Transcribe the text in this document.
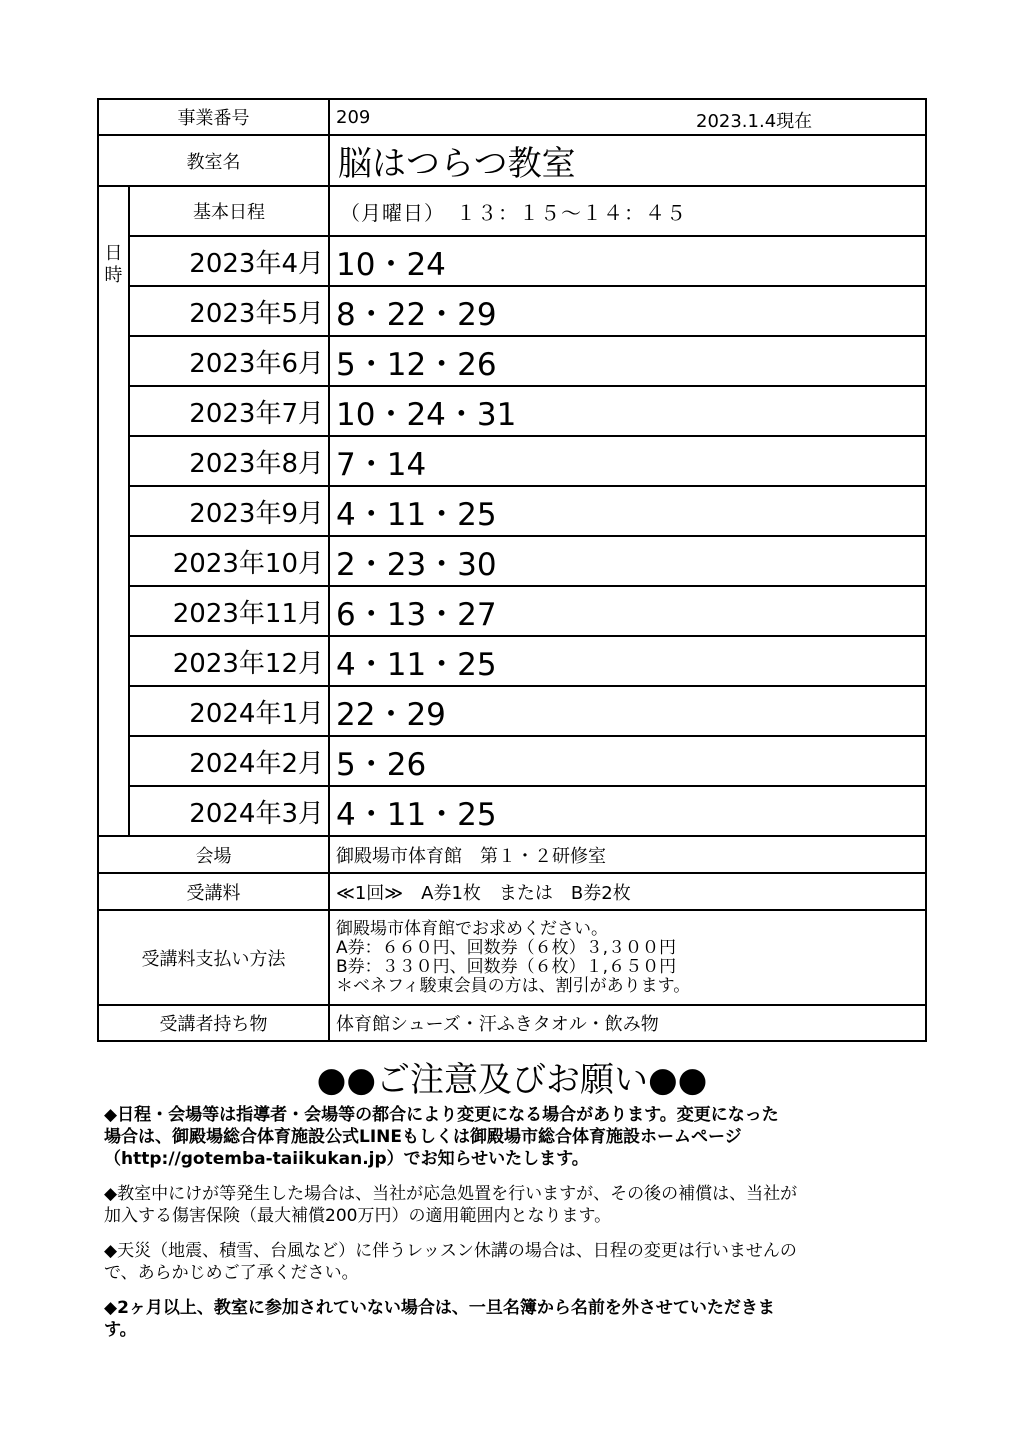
事業番号		209 2023.1.4現在

教室名		脳はつらつ教室

日
時	基本日程	（月曜日）　１３：１５〜１４：４５
	2023年4月	10・24
	2023年5月	8・22・29
	2023年6月	5・12・26
	2023年7月	10・24・31
	2023年8月	7・14
	2023年9月	4・11・25
	2023年10月	2・23・30
	2023年11月	6・13・27
	2023年12月	4・11・25
	2024年1月	22・29
	2024年2月	5・26
	2024年3月	4・11・25
会場		御殿場市体育館　第１・２研修室
受講料		≪1回≫　A券1枚　または　B券2枚
受講料支払い方法		御殿場市体育館でお求めください。
A券：６６０円、回数券（６枚）３,３００円
B券：３３０円、回数券（６枚）１,６５０円
＊ベネフィ駿東会員の方は、割引があります。

受講者持ち物		体育館シューズ・汗ふきタオル・飲み物
●●ご注意及びお願い●●
◆日程・会場等は指導者・会場等の都合により変更になる場合があります。変更になった
場合は、御殿場総合体育施設公式LINEもしくは御殿場市総合体育施設ホームページ
（http://gotemba-taiikukan.jp）でお知らせいたします。
◆教室中にけが等発生した場合は、当社が応急処置を行いますが、その後の補償は、当社が
加入する傷害保険（最大補償200万円）の適用範囲内となります。
◆天災（地震、積雪、台風など）に伴うレッスン休講の場合は、日程の変更は行いませんの
で、あらかじめご了承ください。
◆2ヶ月以上、教室に参加されていない場合は、一旦名簿から名前を外させていただきま
す。
